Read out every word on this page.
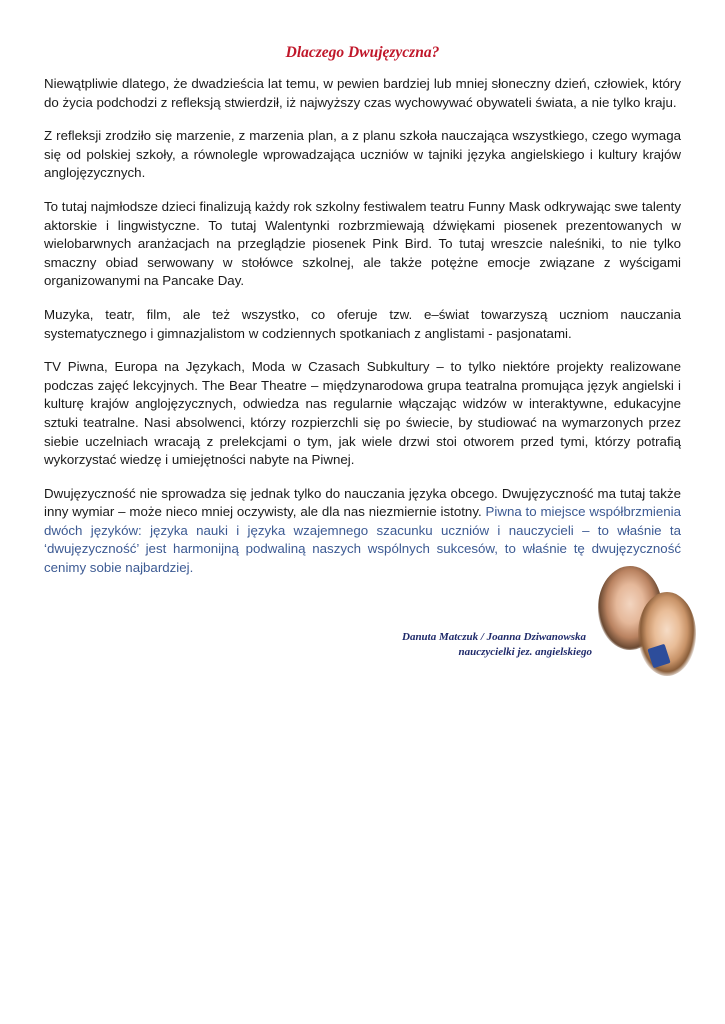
Dlaczego Dwujęzyczna?

Niewątpliwie dlatego, że dwadzieścia lat temu, w pewien bardziej lub mniej słoneczny dzień, człowiek, który do życia podchodzi z refleksją stwierdził, iż najwyższy czas wychowywać obywateli świata, a nie tylko kraju.

Z refleksji zrodziło się marzenie, z marzenia plan, a z planu szkoła nauczająca wszystkiego, czego wymaga się od polskiej szkoły, a równolegle wprowadzająca uczniów w tajniki języka angielskiego i kultury krajów anglojęzycznych.

To tutaj najmłodsze dzieci finalizują każdy rok szkolny festiwalem teatru Funny Mask odkrywając swe talenty aktorskie i lingwistyczne. To tutaj Walentynki rozbrzmiewają dźwiękami piosenek prezentowanych w wielobarwnych aranżacjach na przeglądzie piosenek Pink Bird. To tutaj wreszcie naleśniki, to nie tylko smaczny obiad serwowany w stołówce szkolnej, ale także potężne emocje związane z wyścigami organizowanymi na Pancake Day.

Muzyka, teatr, film, ale też wszystko, co oferuje tzw. e–świat towarzyszą uczniom nauczania systematycznego i gimnazjalistom w codziennych spotkaniach z anglistami - pasjonatami.

TV Piwna, Europa na Językach, Moda w Czasach Subkultury – to tylko niektóre projekty realizowane podczas zajęć lekcyjnych. The Bear Theatre – międzynarodowa grupa teatralna promująca język angielski i kulturę krajów anglojęzycznych, odwiedza nas regularnie włączając widzów w interaktywne, edukacyjne sztuki teatralne. Nasi absolwenci, którzy rozpierzchli się po świecie, by studiować na wymarzonych przez siebie uczelniach wracają z prelekcjami o tym, jak wiele drzwi stoi otworem przed tymi, którzy potrafią wykorzystać wiedzę i umiejętności nabyte na Piwnej.

Dwujęzyczność nie sprowadza się jednak tylko do nauczania języka obcego. Dwujęzyczność ma tutaj także inny wymiar – może nieco mniej oczywisty, ale dla nas niezmiernie istotny. Piwna to miejsce współbrzmienia dwóch języków: języka nauki i języka wzajemnego szacunku uczniów i nauczycieli – to właśnie ta ‘dwujęzyczność’ jest harmonijną podwaliną naszych wspólnych sukcesów, to właśnie tę dwujęzyczność cenimy sobie najbardziej.

Danuta Matczuk / Joanna Dziwanowska
nauczycielki jez. angielskiego
